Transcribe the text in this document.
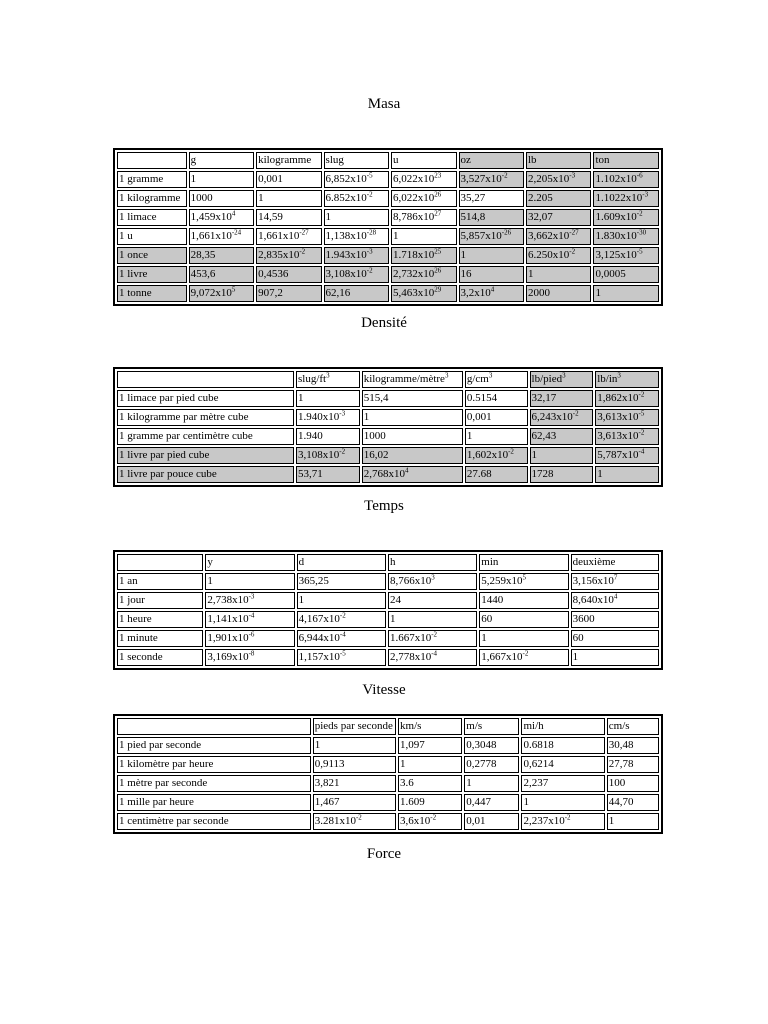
Masa
	g	kilogramme	slug	u	oz	lb	ton
1 gramme	1	0,001	$6,852x10^{-5}$	$6,022x10^{23}$	$3,527x10^{-2}$	$2,205x10^{-3}$	$1.102x10^{-6}$
1 kilogramme	1000	1	$6.852x10^{-2}$	$6,022x10^{26}$	35,27	2.205	$1.1022x10^{-3}$
1 limace	$1,459x10^4$	14,59	1	$8,786x10^{27}$	514,8	32,07	$1.609x10^{-2}$
1 u	$1,661x10^{-24}$	$1,661x10^{-27}$	$1,138x10^{-28}$	1	$5,857x10^{-26}$	$3,662x10^{-27}$	$1.830x10^{-30}$
1 once	28,35	$2,835x10^{-2}$	$1.943x10^{-3}$	$1.718x10^{25}$	1	$6.250x10^{-2}$	$3,125x10^{-5}$
1 livre	453,6	0,4536	$3,108x10^{-2}$	$2,732x10^{26}$	16	1	0,0005
1 tonne	$9,072x10^5$	907,2	62,16	$5,463x10^{29}$	$3,2x10^4$	2000	1
Densité
	slug/$ft^3$	kilogramme/mètre$^3$	$g/cm^3$	lb/pied$^3$	$lb/in^3$
1 limace par pied cube	1	515,4	0.5154	32,17	$1,862x10^{-2}$
1 kilogramme par mètre cube	$1.940x10^{-3}$	1	0,001	$6,243x10^{-2}$	$3,613x10^{-5}$
1 gramme par centimètre cube	1.940	1000	1	62,43	$3,613x10^{-2}$
1 livre par pied cube	$3,108x10^{-2}$	16,02	$1,602x10^{-2}$	1	$5,787x10^{-4}$
1 livre par pouce cube	53,71	$2,768x10^4$	27.68	1728	1
Temps
	y	d	h	min	deuxième
1 an	1	365,25	$8,766x10^3$	$5,259x10^5$	$3,156x10^7$
1 jour	$2,738x10^{-3}$	1	24	1440	$8,640x10^4$
1 heure	$1,141x10^{-4}$	$4,167x10^{-2}$	1	60	3600
1 minute	$1,901x10^{-6}$	$6,944x10^{-4}$	$1.667x10^{-2}$	1	60
1 seconde	$3,169x10^{-8}$	$1,157x10^{-5}$	$2,778x10^{-4}$	$1,667x10^{-2}$	1
Vitesse
	pieds par seconde	km/s	m/s	mi/h	cm/s
1 pied par seconde	1	1,097	0,3048	0.6818	30,48
1 kilomètre par heure	0,9113	1	0,2778	0,6214	27,78
1 mètre par seconde	3,821	3.6	1	2,237	100
1 mille par heure	1,467	1.609	0,447	1	44,70
1 centimètre par seconde	$3.281x10^{-2}$	$3,6x10^{-2}$	0,01	$2,237x10^{-2}$	1
Force
